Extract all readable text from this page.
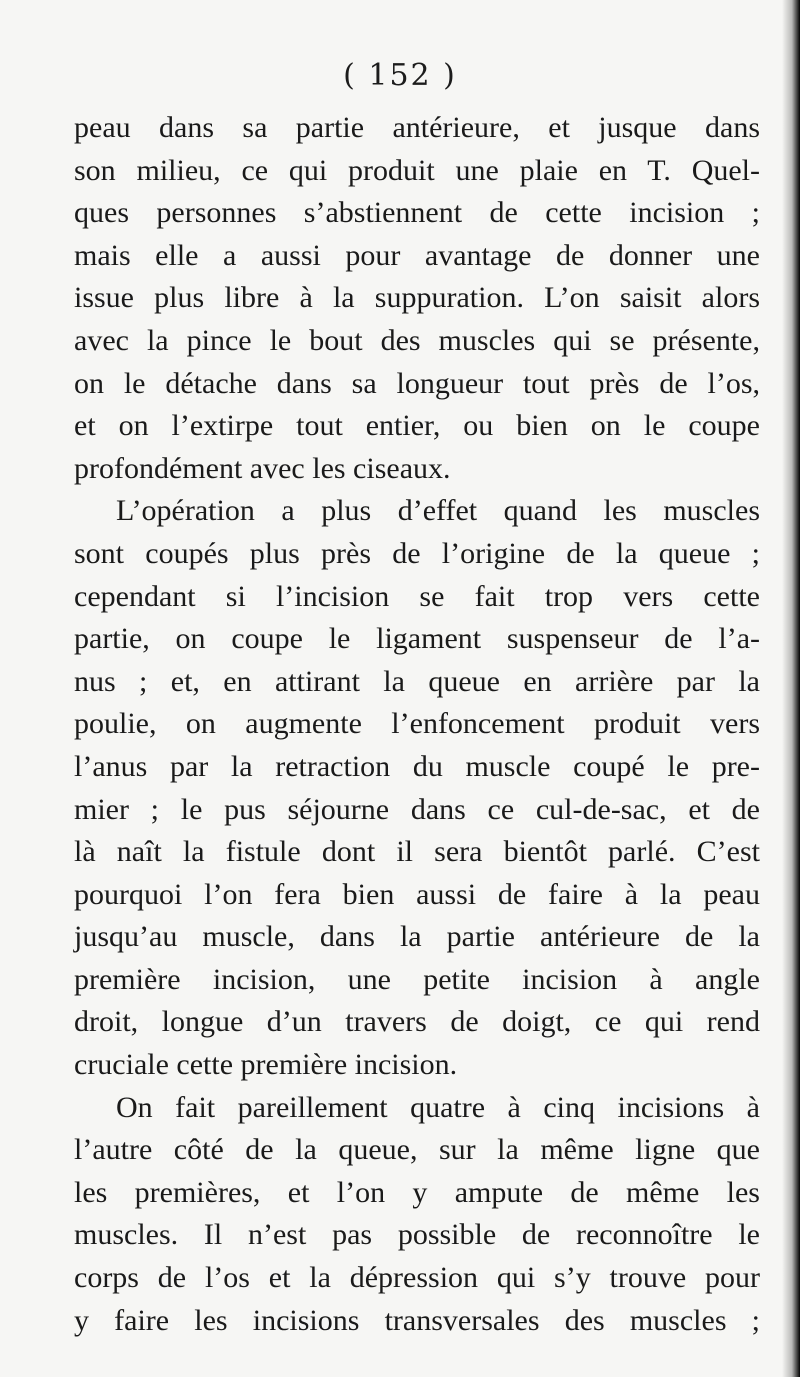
( 152 )
peau dans sa partie antérieure, et jusque dans
son milieu, ce qui produit une plaie en T. Quel-
ques personnes s’abstiennent de cette incision ;
mais elle a aussi pour avantage de donner une
issue plus libre à la suppuration. L’on saisit alors
avec la pince le bout des muscles qui se présente,
on le détache dans sa longueur tout près de l’os,
et on l’extirpe tout entier, ou bien on le coupe
profondément avec les ciseaux.
L’opération a plus d’effet quand les muscles
sont coupés plus près de l’origine de la queue ;
cependant si l’incision se fait trop vers cette
partie, on coupe le ligament suspenseur de l’a-
nus ; et, en attirant la queue en arrière par la
poulie, on augmente l’enfoncement produit vers
l’anus par la retraction du muscle coupé le pre-
mier ; le pus séjourne dans ce cul-de-sac, et de
là naît la fistule dont il sera bientôt parlé. C’est
pourquoi l’on fera bien aussi de faire à la peau
jusqu’au muscle, dans la partie antérieure de la
première incision, une petite incision à angle
droit, longue d’un travers de doigt, ce qui rend
cruciale cette première incision.
On fait pareillement quatre à cinq incisions à
l’autre côté de la queue, sur la même ligne que
les premières, et l’on y ampute de même les
muscles. Il n’est pas possible de reconnoître le
corps de l’os et la dépression qui s’y trouve pour
y faire les incisions transversales des muscles ;
